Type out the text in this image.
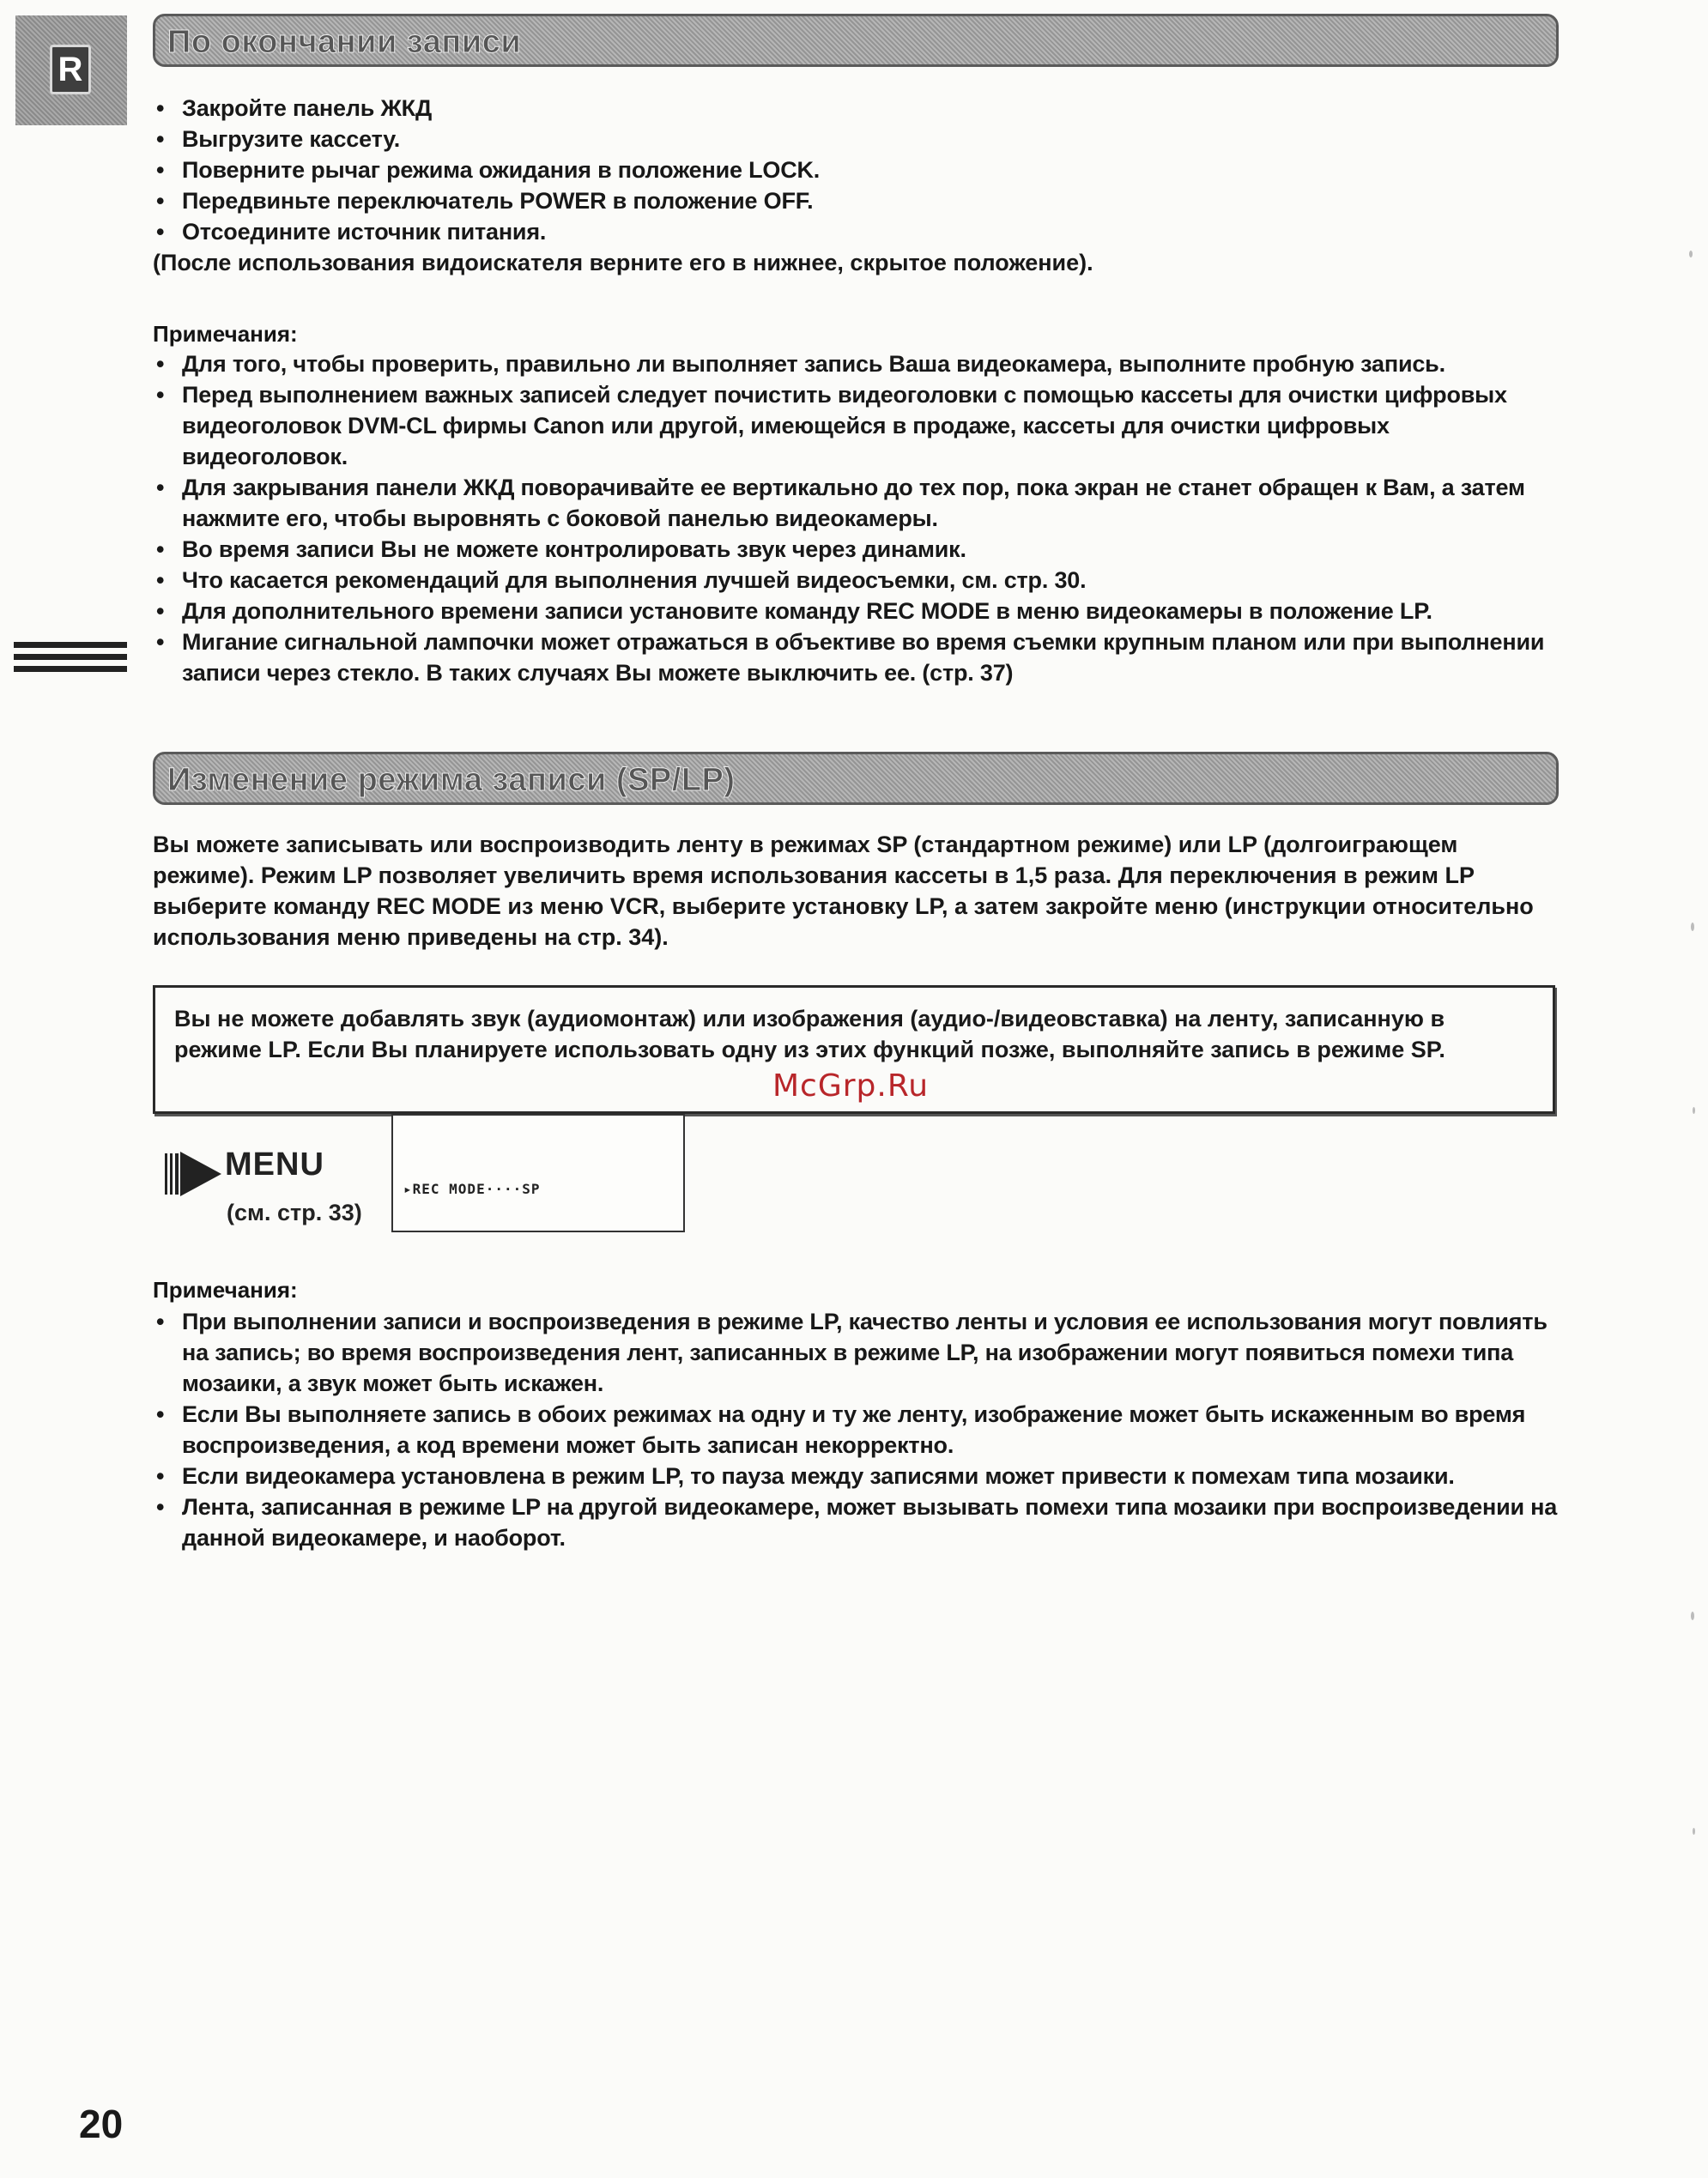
R
По окончании записи
• Закройте панель ЖКД
• Выгрузите кассету.
• Поверните рычаг режима ожидания в положение LOCK.
• Передвиньте переключатель POWER в положение OFF.
• Отсоедините источник питания.

(После использования видоискателя верните его в нижнее, скрытое положение).

Примечания:

• Для того, чтобы проверить, правильно ли выполняет запись Ваша видеокамера, выполните пробную запись.
• Перед выполнением важных записей следует почистить видеоголовки с помощью кассеты для очистки цифровых видеоголовок DVM-CL фирмы Canon или другой, имеющейся в продаже, кассеты для очистки цифровых видеоголовок.
• Для закрывания панели ЖКД поворачивайте ее вертикально до тех пор, пока экран не станет обращен к Вам, а затем нажмите его, чтобы выровнять с боковой панелью видеокамеры.
• Во время записи Вы не можете контролировать звук через динамик.
• Что касается рекомендаций для выполнения лучшей видеосъемки, см. стр. 30.
• Для дополнительного времени записи установите команду REC MODE в меню видеокамеры в положение LP.
• Мигание сигнальной лампочки может отражаться в объективе во время съемки крупным планом или при выполнении записи через стекло. В таких случаях Вы можете выключить ее. (стр. 37)
Изменение режима записи (SP/LP)

Вы можете записывать или воспроизводить ленту в режимах SP (стандартном режиме) или LP (долгоиграющем режиме). Режим LP позволяет увеличить время использования кассеты в 1,5 раза. Для переключения в режим LP выберите команду REC MODE из меню VCR, выберите установку LP, а затем закройте меню (инструкции относительно использования меню приведены на стр. 34).

Вы не можете добавлять звук (аудиомонтаж) или изображения (аудио-/видеовставка) на ленту, записанную в режиме LP. Если Вы планируете использовать одну из этих функций позже, выполняйте запись в режиме SP.
McGrp.Ru
MENU
(см. стр. 33)
▸REC MODE····SP

Примечания:

• При выполнении записи и воспроизведения в режиме LP, качество ленты и условия ее использования могут повлиять на запись; во время воспроизведения лент, записанных в режиме LP, на изображении могут появиться помехи типа мозаики, а звук может быть искажен.
• Если Вы выполняете запись в обоих режимах на одну и ту же ленту, изображение может быть искаженным во время воспроизведения, а код времени может быть записан некорректно.
• Если видеокамера установлена в режим LP, то пауза между записями может привести к помехам типа мозаики.
• Лента, записанная в режиме LP на другой видеокамере, может вызывать помехи типа мозаики при воспроизведении на данной видеокамере, и наоборот.
20
